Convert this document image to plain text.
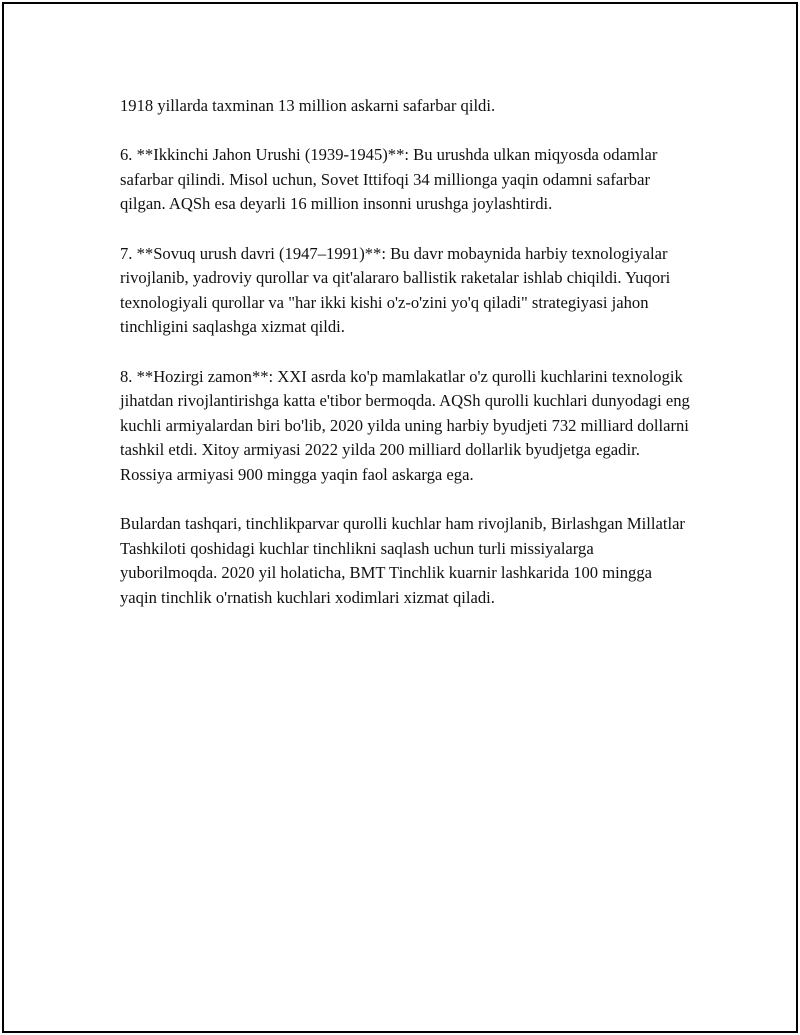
1918 yillarda taxminan 13 million askarni safarbar qildi.

6. **Ikkinchi Jahon Urushi (1939-1945)**: Bu urushda ulkan miqyosda odamlar safarbar qilindi. Misol uchun, Sovet Ittifoqi 34 millionga yaqin odamni safarbar qilgan. AQSh esa deyarli 16 million insonni urushga joylashtirdi.

7. **Sovuq urush davri (1947–1991)**: Bu davr mobaynida harbiy texnologiyalar rivojlanib, yadroviy qurollar va qit'alararo ballistik raketalar ishlab chiqildi. Yuqori texnologiyali qurollar va "har ikki kishi o'z-o'zini yo'q qiladi" strategiyasi jahon tinchligini saqlashga xizmat qildi.

8. **Hozirgi zamon**: XXI asrda ko'p mamlakatlar o'z qurolli kuchlarini texnologik jihatdan rivojlantirishga katta e'tibor bermoqda. AQSh qurolli kuchlari dunyodagi eng kuchli armiyalardan biri bo'lib, 2020 yilda uning harbiy byudjeti 732 milliard dollarni tashkil etdi. Xitoy armiyasi 2022 yilda 200 milliard dollarlik byudjetga egadir. Rossiya armiyasi 900 mingga yaqin faol askarga ega.

Bulardan tashqari, tinchlikparvar qurolli kuchlar ham rivojlanib, Birlashgan Millatlar Tashkiloti qoshidagi kuchlar tinchlikni saqlash uchun turli missiyalarga yuborilmoqda. 2020 yil holaticha, BMT Tinchlik kuarnir lashkarida 100 mingga yaqin tinchlik o'rnatish kuchlari xodimlari xizmat qiladi.
